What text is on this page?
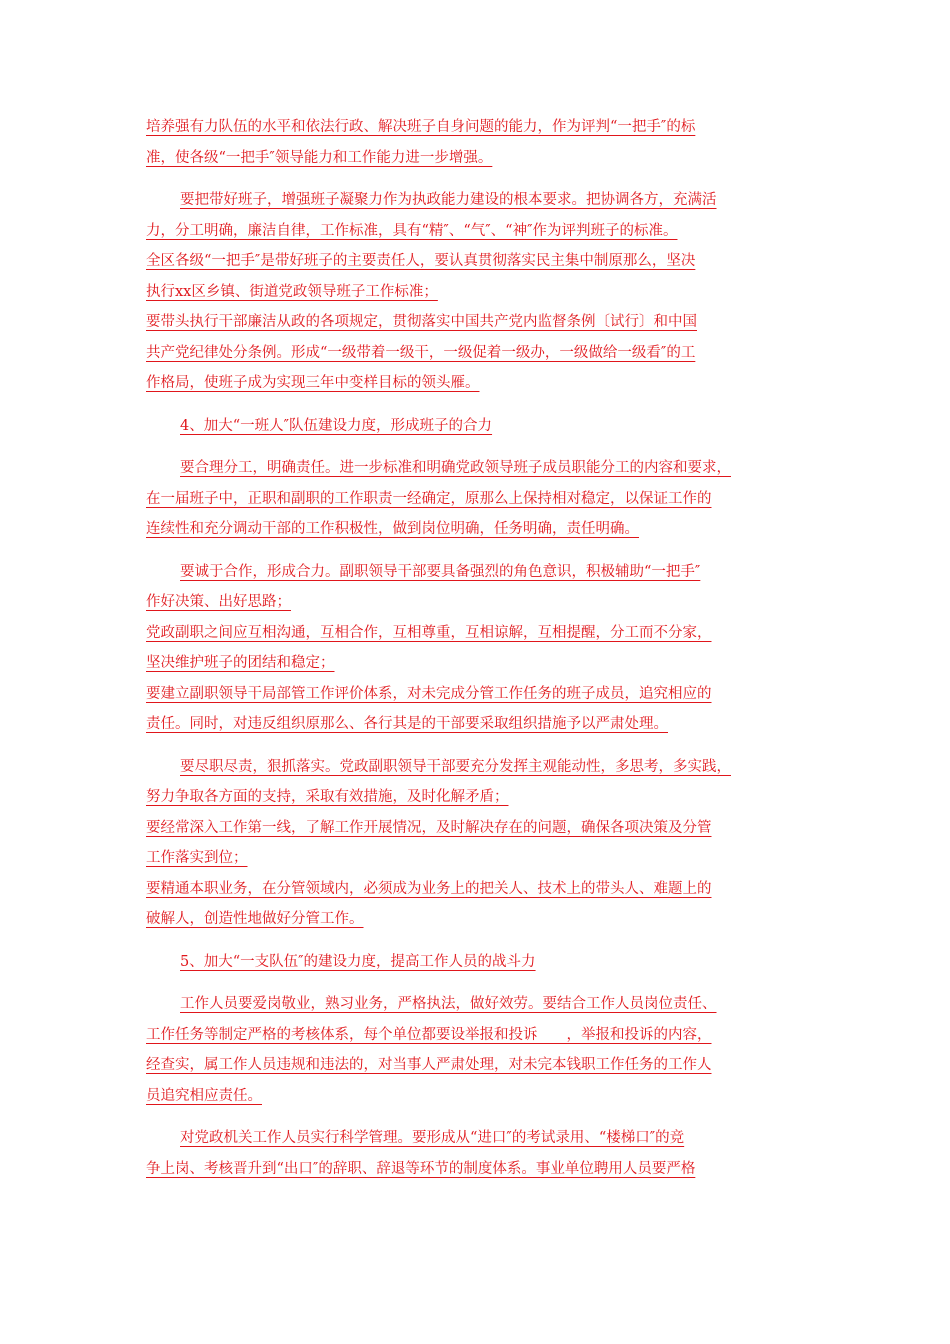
培养强有力队伍的水平和依法行政、解决班子自身问题的能力，作为评判“一把手″的标
准，使各级“一把手″领导能力和工作能力进一步增强。
要把带好班子，增强班子凝聚力作为执政能力建设的根本要求。把协调各方，充满活
力，分工明确，廉洁自律，工作标准，具有“精″、“气″、“神″作为评判班子的标准。
全区各级“一把手″是带好班子的主要责任人，要认真贯彻落实民主集中制原那么，坚决
执行xx区乡镇、街道党政领导班子工作标准；
要带头执行干部廉洁从政的各项规定，贯彻落实中国共产党内监督条例〔试行〕和中国
共产党纪律处分条例。形成“一级带着一级干，一级促着一级办，一级做给一级看″的工
作格局，使班子成为实现三年中变样目标的领头雁。
4、加大“一班人″队伍建设力度，形成班子的合力
要合理分工，明确责任。进一步标准和明确党政领导班子成员职能分工的内容和要求，
在一届班子中，正职和副职的工作职责一经确定，原那么上保持相对稳定，以保证工作的
连续性和充分调动干部的工作积极性，做到岗位明确，任务明确，责任明确。
要诚于合作，形成合力。副职领导干部要具备强烈的角色意识，积极辅助“一把手″
作好决策、出好思路；
党政副职之间应互相沟通，互相合作，互相尊重，互相谅解，互相提醒，分工而不分家，
坚决维护班子的团结和稳定；
要建立副职领导干局部管工作评价体系，对未完成分管工作任务的班子成员，追究相应的
责任。同时，对违反组织原那么、各行其是的干部要采取组织措施予以严肃处理。
要尽职尽责，狠抓落实。党政副职领导干部要充分发挥主观能动性，多思考，多实践，
努力争取各方面的支持，采取有效措施，及时化解矛盾；
要经常深入工作第一线，了解工作开展情况，及时解决存在的问题，确保各项决策及分管
工作落实到位；
要精通本职业务，在分管领域内，必须成为业务上的把关人、技术上的带头人、难题上的
破解人，创造性地做好分管工作。
5、加大“一支队伍″的建设力度，提高工作人员的战斗力
工作人员要爱岗敬业，熟习业务，严格执法，做好效劳。要结合工作人员岗位责任、
工作任务等制定严格的考核体系，每个单位都要设举报和投诉　　，举报和投诉的内容，
经查实，属工作人员违规和违法的，对当事人严肃处理，对未完本钱职工作任务的工作人
员追究相应责任。
对党政机关工作人员实行科学管理。要形成从“进口″的考试录用、“楼梯口″的竞
争上岗、考核晋升到“出口″的辞职、辞退等环节的制度体系。事业单位聘用人员要严格
